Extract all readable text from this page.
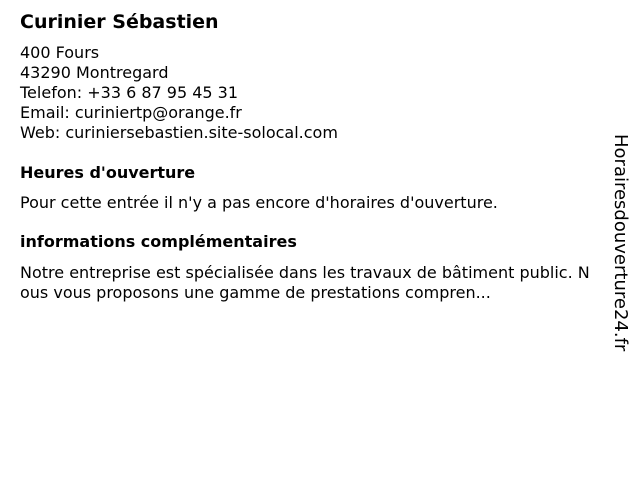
Curinier Sébastien

400 Fours

43290 Montregard

Telefon: +33 6 87 95 45 31

Email: curiniertp@orange.fr

Web: curiniersebastien.site-solocal.com

Heures d'ouverture

Pour cette entrée il n'y a pas encore d'horaires d'ouverture.

informations complémentaires

Notre entreprise est spécialisée dans les travaux de bâtiment public. Nous vous proposons une gamme de prestations compren...	Horairesdouverture24.fr
